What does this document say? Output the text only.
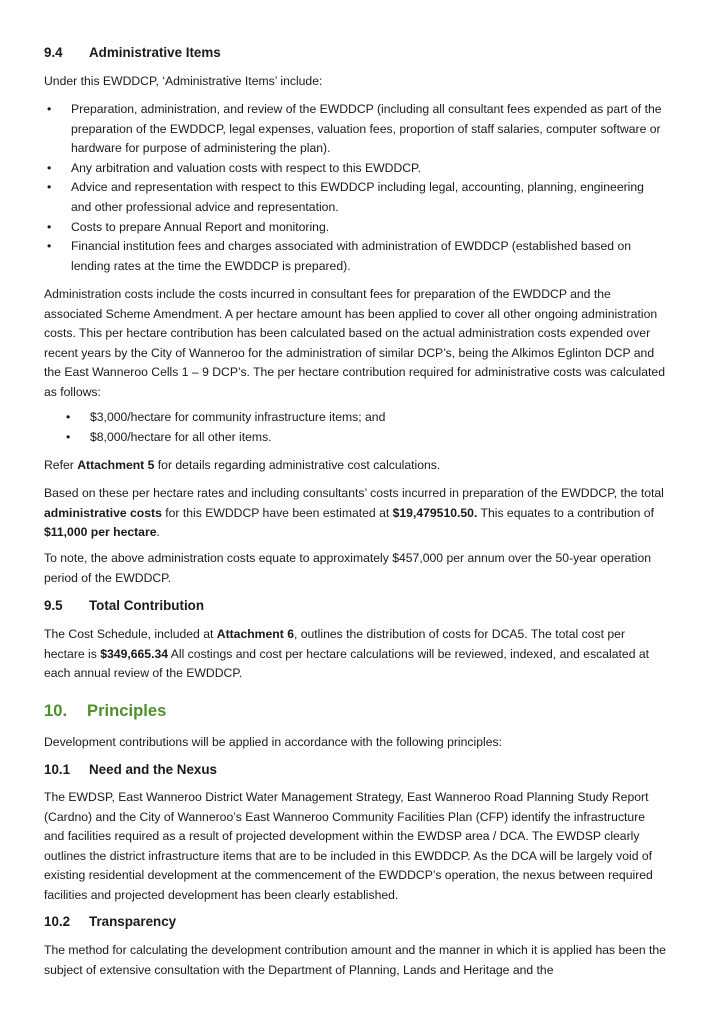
9.4 Administrative Items

Under this EWDDCP, ‘Administrative Items’ include:

• Preparation, administration, and review of the EWDDCP (including all consultant fees expended as part of the preparation of the EWDDCP, legal expenses, valuation fees, proportion of staff salaries, computer software or hardware for purpose of administering the plan).
• Any arbitration and valuation costs with respect to this EWDDCP.
• Advice and representation with respect to this EWDDCP including legal, accounting, planning, engineering and other professional advice and representation.
• Costs to prepare Annual Report and monitoring.
• Financial institution fees and charges associated with administration of EWDDCP (established based on lending rates at the time the EWDDCP is prepared).

Administration costs include the costs incurred in consultant fees for preparation of the EWDDCP and the associated Scheme Amendment. A per hectare amount has been applied to cover all other ongoing administration costs. This per hectare contribution has been calculated based on the actual administration costs expended over recent years by the City of Wanneroo for the administration of similar DCP’s, being the Alkimos Eglinton DCP and the East Wanneroo Cells 1 – 9 DCP’s. The per hectare contribution required for administrative costs was calculated as follows:

• $3,000/hectare for community infrastructure items; and
• $8,000/hectare for all other items.

Refer Attachment 5 for details regarding administrative cost calculations.

Based on these per hectare rates and including consultants’ costs incurred in preparation of the EWDDCP, the total administrative costs for this EWDDCP have been estimated at $19,479510.50. This equates to a contribution of $11,000 per hectare.

To note, the above administration costs equate to approximately $457,000 per annum over the 50-year operation period of the EWDDCP.

9.5 Total Contribution

The Cost Schedule, included at Attachment 6, outlines the distribution of costs for DCA5. The total cost per hectare is $349,665.34 All costings and cost per hectare calculations will be reviewed, indexed, and escalated at each annual review of the EWDDCP.

10. Principles

Development contributions will be applied in accordance with the following principles:

10.1 Need and the Nexus

The EWDSP, East Wanneroo District Water Management Strategy, East Wanneroo Road Planning Study Report (Cardno) and the City of Wanneroo’s East Wanneroo Community Facilities Plan (CFP) identify the infrastructure and facilities required as a result of projected development within the EWDSP area / DCA. The EWDSP clearly outlines the district infrastructure items that are to be included in this EWDDCP. As the DCA will be largely void of existing residential development at the commencement of the EWDDCP’s operation, the nexus between required facilities and projected development has been clearly established.

10.2 Transparency

The method for calculating the development contribution amount and the manner in which it is applied has been the subject of extensive consultation with the Department of Planning, Lands and Heritage and the
